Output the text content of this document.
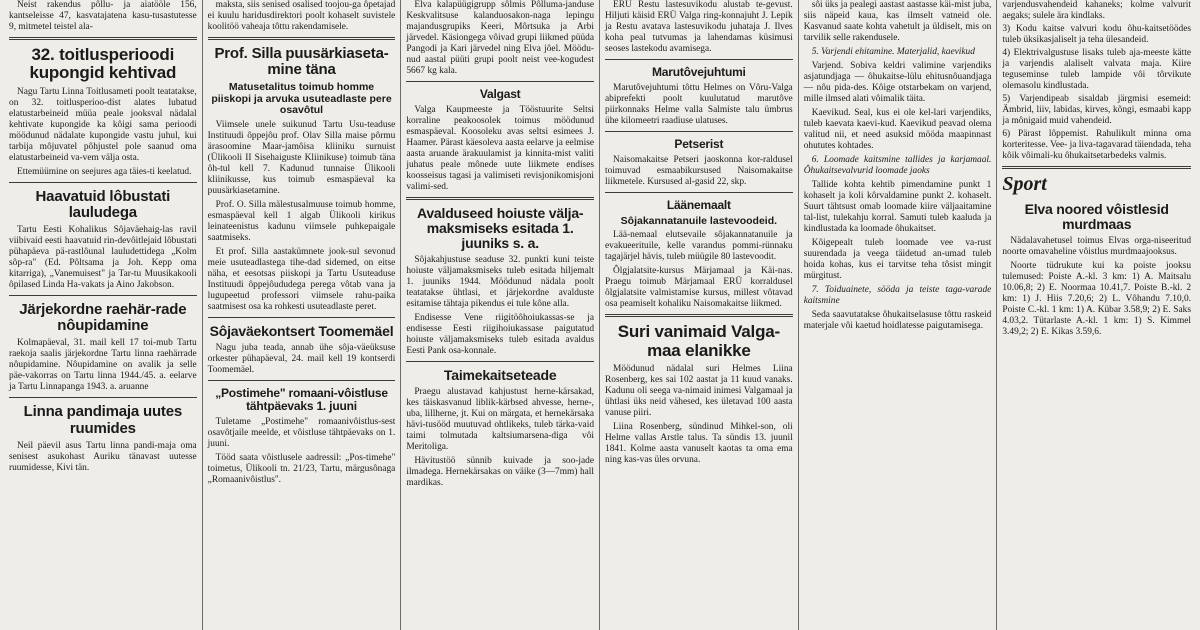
Neist rakendus pôllu- ja aiatööle 156, kantseleisse 47, kasvatajatena kasu-tusastutesse 9, mitmetel teistel ala-

32. toitlusperioodi kupongid kehtivad

Nagu Tartu Linna Toitlusameti poolt teatatakse, on 32. toitlusperioo-dist alates lubatud elatustarbeineid müüa peale jooksval nädalal kehtivate kupongide ka kôigi sama perioodi möödunud nädalate kupongide vastu juhul, kui tarbija môjuvatel pôhjustel pole saanud oma elatustarbeineid va-vem välja osta.

Ettemüümine on seejures aga täies-ti keelatud.

Haavatuid lôbustati lauludega

Tartu Eesti Kohalikus Sôjaväehaig-las ravil viibivaid eesti haavatuid rin-devôitlejaid lôbustati pühapäeva pä-rastlôunal lauludettidega „Kolm sôp-ra" (Ed. Pôltsama ja Joh. Kepp oma kitarriga), „Vanemuisest" ja Tar-tu Muusikakooli ôpilased Linda Ha-vakats ja Aino Jakobson.

Järjekordne raehär-rade nôupidamine

Kolmapäeval, 31. mail kell 17 toi-mub Tartu raekoja saalis järjekordne Tartu linna raehärrade nôupidamine. Nôupidamine on avalik ja selle päe-vakorras on Tartu linna 1944./45. a. eelarve ja Tartu Linnapanga 1943. a. aruanne

Linna pandimaja uutes ruumides

Neil päevil asus Tartu linna pandi-maja oma senisest asukohast Auriku tänavast uutesse ruumidesse, Kivi tän.

maksta, siis senised osalised toojou-ga ôpetajad ei kuulu haridusdirektori poolt kohaselt suvistele koolitöö vaheaja tôttu rakendamisele.

Prof. Silla puusärkiaseta-mine täna
Matusetalitus toimub homme piiskopi ja arvuka usuteadlaste pere osavôtul

Viimsele unele suikunud Tartu Usu-teaduse Instituudi ôppejôu prof. Olav Silla maise pôrmu ärasoomine Maar-jamôisa kliiniku surnuist (Ülikooli II Sisehaiguste Kliinikuse) toimub täna ôh-tul kell 7. Kadunud tunnaise Ülikooli kliinikusse, kus toimub esmaspäeval ka puusärkiasetamine.

Prof. O. Silla mälestusalmuuse toimub homme, esmaspäeval kell 1 algab Ülikooli kirikus leinateenistus kadunu viimsele puhkepaigale saatmiseks.

Et prof. Silla aastakümnete jook-sul sevonud meie usuteadlastega tihe-dad sidemed, on eitse näha, et eesotsas piiskopi ja Tartu Usuteaduse Instituudi ôppejôududega perega vôtab vana ja lugupeetud professori viimsele rahu-paika saatmisest osa ka rohkesti usuteadlaste peret.

Sôjaväekontsert Toomemäel

Nagu juba teada, annab ühe sôja-väeüksuse orkester pühapäeval, 24. mail kell 19 kontserdi Toomemäel.

„Postimehe" romaani-vôistluse tähtpäevaks 1. juuni

Tuletame „Postimehe" romaanivôistlus-sest osavôtjaile meelde, et vôistluse tähtpäevaks on 1. juuni.

Tööd saata vôistlusele aadressil: „Pos-timehe" toimetus, Ülikooli tn. 21/23, Tartu, märgusônaga „Romaanivôistlus".

Elva kalapüügigrupp sôlmis Pôlluma-janduse Keskvalitsuse kalanduosakon-naga lepingu majandusgrupiks Keeri, Môrtsuka ja Arbi järvedel. Käsiongega vôivad grupi liikmed püüda Pangodi ja Kari järvedel ning Elva jôel. Möödu-nud aastal püüti grupi poolt neist vee-kogudest 5667 kg kala.

Valgast

Valga Kaupmeeste ja Tööstuurite Seltsi korraline peakoosolek toimus möödunud esmaspäeval. Koosoleku avas seltsi esimees J. Haamer. Pärast käesoleva aasta eelarve ja eelmise aasta aruande ärakuulamist ja kinnita-mist valiti juhatus peale mônede uute liikmete endises koosseisus tagasi ja valimiseti revisjonikomisjoni valimi-sed.

Avalduseed hoiuste välja-maksmiseks esitada 1. juuniks s. a.

Sôjakahjustuse seaduse 32. punkti kuni teiste hoiuste väljamaksmiseks tuleb esitada hiljemalt 1. juuniks 1944. Möödunud nädala poolt teatatakse ühtlasi, et järjekordne avalduste esitamise tähtaja pikendus ei tule kône alla.

Endisesse Vene riigitöôhoiukassas-se ja endisesse Eesti riigihoiukassase paigutatud hoiuste väljamaksmiseks tuleb esitada avaldus Eesti Pank osa-konnale.

Taimekaitseteade

Praegu alustavad kahjustust herne-kärsakad, kes täiskasvanud liblik-kärbsed ahvesse, herne-, uba, lillherne, jt. Kui on märgata, et hernekärsaka hävi-tusööd muutuvad ohtlikeks, tuleb tärka-vaid taimi tolmutada kaltsiumarsena-diga vôi Meritoliga.

Hävitustöö sünnib kuivade ja soo-jade ilmadega. Hernekärsakas on väike (3—7mm) hall mardikas.

ERÜ Restu lastesuvikodu alustab te-gevust. Hiljuti käisid ERÜ Valga ring-konnajuht J. Lepik ja Restu avatava lastesuvikodu juhataja J. Ilves koha peal tutvumas ja lahendamas küsimusi seoses lastekodu avamisega.

Marutôvejuhtumi

Marutôvejuhtumi tôttu Helmes on Vôru-Valga abiprefekti poolt kuulutatud marutôve piirkonnaks Helme valla Salmiste talu ümbrus ühe kilomeetri raadiuse ulatuses.

Petserist

Naisomakaitse Petseri jaoskonna kor-raldusel toimuvad esmaabikursused Naisomakaitse liikmetele. Kursused al-gasid 22, skp.

Läänemaalt
Sôjakannatanuile lastevoodeid.

Lää-nemaal elutsevaile sôjakannatanuile ja evakueerituile, kelle varandus pommi-rünnaku tagajärjel hävis, tuleb müügile 80 lastevoodit.

Ôlgjalatsite-kursus Märjamaal ja Käi-nas. Praegu toimub Märjamaal ERÜ korraldusel ôlgjalatsite valmistamise kursus, millest vôtavad osa peamiselt kohaliku Naisomakaitse liikmed.

Suri vanimaid Valga-maa elanikke

Möödunud nädalal suri Helmes Liina Rosenberg, kes sai 102 aastat ja 11 kuud vanaks. Kadunu oli seega va-nimaid inimesi Valgamaal ja ühtlasi üks neid vähesed, kes ületavad 100 aasta vanuse piiri.

Liina Rosenberg, sündinud Mihkel-son, oli Helme vallas Arstle talus. Ta sündis 13. juunil 1841. Kolme aasta vanuselt kaotas ta oma ema ning kas-vas üles orvuna.

sôi üks ja pealegi aastast aastasse käi-mist juba, siis näpeid kaua, kas ilmselt vatneid ole. Kasvanud saate kohta vahetult ja üldiselt, mis on tarvilik selle rakendusele.

5. Varjendi ehitamine. Materjalid, kaevikud

Varjend. Sobiva keldri valimine varjendiks asjatundjaga — ôhukaitse-lülu ehitusnôuandjaga — nôu pida-des. Kôige otstarbekam on varjend, mille ilmsed alati vôimalik täita.

Kaevikud. Seal, kus ei ole kel-lari varjendiks, tuleb kaevata kaevi-kud. Kaevikud peavad olema valitud nii, et need asuksid mööda maapinnast ohututes kohtades.

6. Loomade kaitsmine tallides ja karjamaal. Ôhukaitsevalvurid loomade jaoks

Tallide kohta kehtib pimendamine punkt 1 kohaselt ja koli kôrvaldamine punkt 2. kohaselt. Suurt tähtsust omab loomade kiire väljaaitamine tal-list, tulekahju korral. Samuti tuleb kaaluda ja kindlustada ka loomade ôhukaitset.

Kôigepealt tuleb loomade vee va-rust suurendada ja veega täidetud an-umad tuleb hoida kohas, kus ei tarvitse teha tôsist mingit mürgitust.

7. Toiduainete, sööda ja teiste taga-varade kaitsmine

Seda saavutatakse ôhukaitselasuse tôttu raskeid materjale vôi kaetud hoidlatesse paigutamisega.

varjendusvahendeid kahaneks; kolme valvurit aegaks; sulele ära kindlaks.

3) Kodu kaitse valvuri kodu ôhu-kaitsetöödes tuleb üksikasjaliselt ja teha ülesandeid.

4) Elektrivalgustuse lisaks tuleb aja-meeste kätte ja varjendis alaliselt valvata maja. Kiire teguseminse tuleb lampide vôi tôrvikute olemasolu kindlustada.

5) Varjendipeab sisaldab järgmisi esemeid: Ämbrid, liiv, labidas, kirves, kõngi, esmaabi kapp ja mônigaid muid vahendeid.

6) Pärast lôppemist. Rahulikult minna oma korteritesse. Vee- ja liva-tagavarad täiendada, teha kôik vôimali-ku ôhukaitsetarbedeks valmis.

Sport
Elva noored vôistlesid murdmaas

Nädalavahetusel toimus Elvas orga-niseeritud noorte omavaheline vôistlus murdmaajooksus.

Noorte tüdrukute kui ka poiste jooksu tulemused: Poiste A.-kl. 3 km: 1) A. Maitsalu 10.06,8; 2) E. Noormaa 10.41,7. Poiste B.-kl. 2 km: 1) J. Hiis 7.20,6; 2) L. Vôhandu 7.10,0. Poiste C.-kl. 1 km: 1) A. Kübar 3.58,9; 2) E. Saks 4.03,2. Tütarlaste A.-kl. 1 km: 1) S. Kimmel 3.49,2; 2) E. Kikas 3.59,6.
